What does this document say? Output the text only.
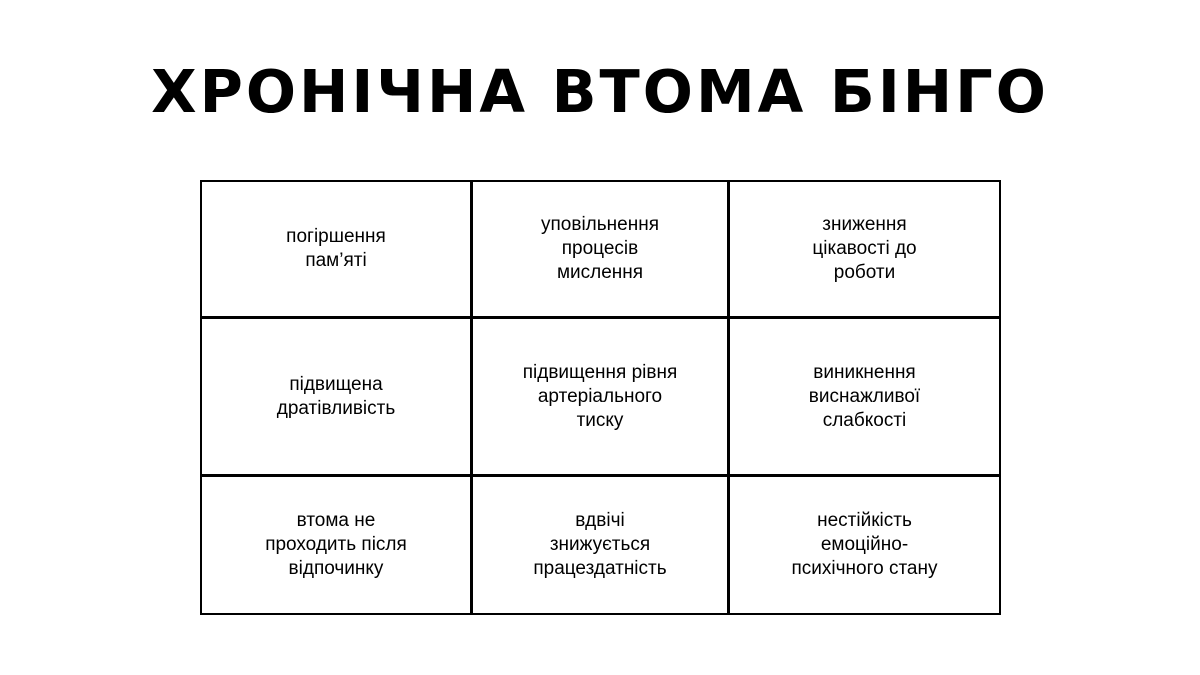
ХРОНІЧНА ВТОМА БІНГО
погіршення
пам’яті
уповільнення
процесів
мислення
зниження
цікавості до
роботи
підвищена
дратівливість
підвищення рівня
артеріального
тиску
виникнення
виснажливої
слабкості
втома не
проходить після
відпочинку
вдвічі
знижується
працездатність
нестійкість
емоційно-
психічного стану
